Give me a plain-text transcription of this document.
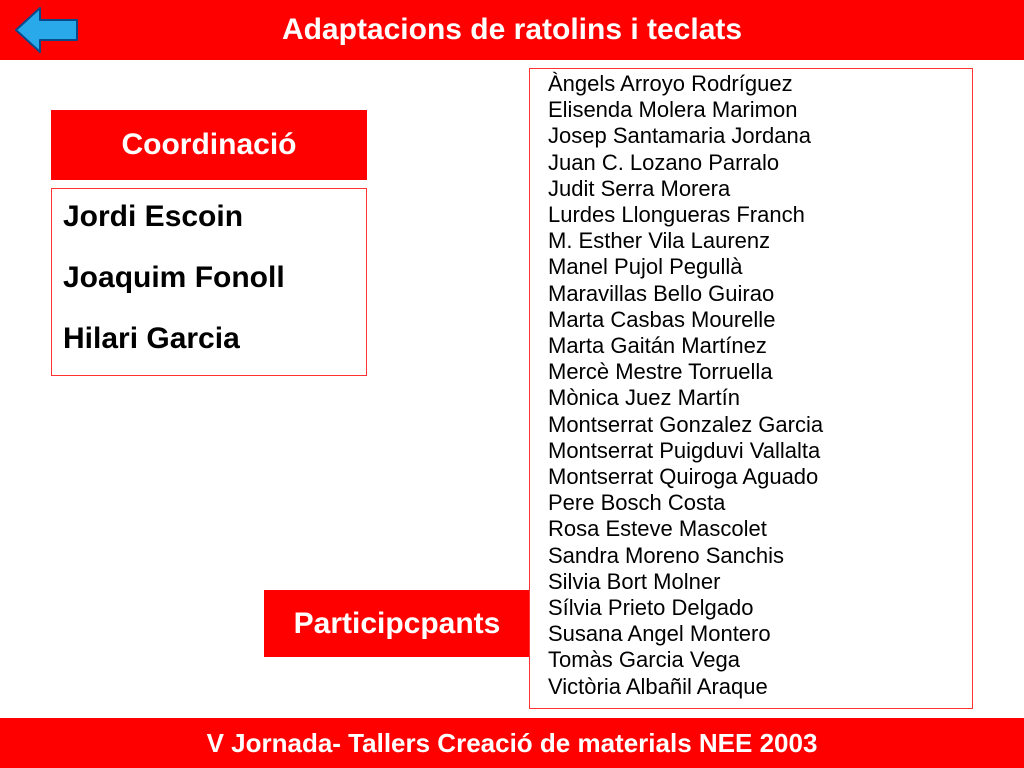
Adaptacions de ratolins i teclats
Coordinació
Jordi Escoin
Joaquim Fonoll
Hilari Garcia
Participcpants
Àngels Arroyo Rodríguez
Elisenda Molera Marimon
Josep Santamaria Jordana
Juan C. Lozano Parralo
Judit Serra Morera
Lurdes Llongueras Franch
M. Esther Vila Laurenz
Manel Pujol Pegullà
Maravillas Bello Guirao
Marta Casbas Mourelle
Marta Gaitán Martínez
Mercè Mestre Torruella
Mònica Juez Martín
Montserrat Gonzalez Garcia
Montserrat Puigduvi Vallalta
Montserrat Quiroga Aguado
Pere Bosch Costa
Rosa Esteve Mascolet
Sandra Moreno Sanchis
Silvia Bort Molner
Sílvia Prieto Delgado
Susana Angel Montero
Tomàs Garcia Vega
Victòria Albañil Araque
V Jornada- Tallers Creació de materials NEE 2003
